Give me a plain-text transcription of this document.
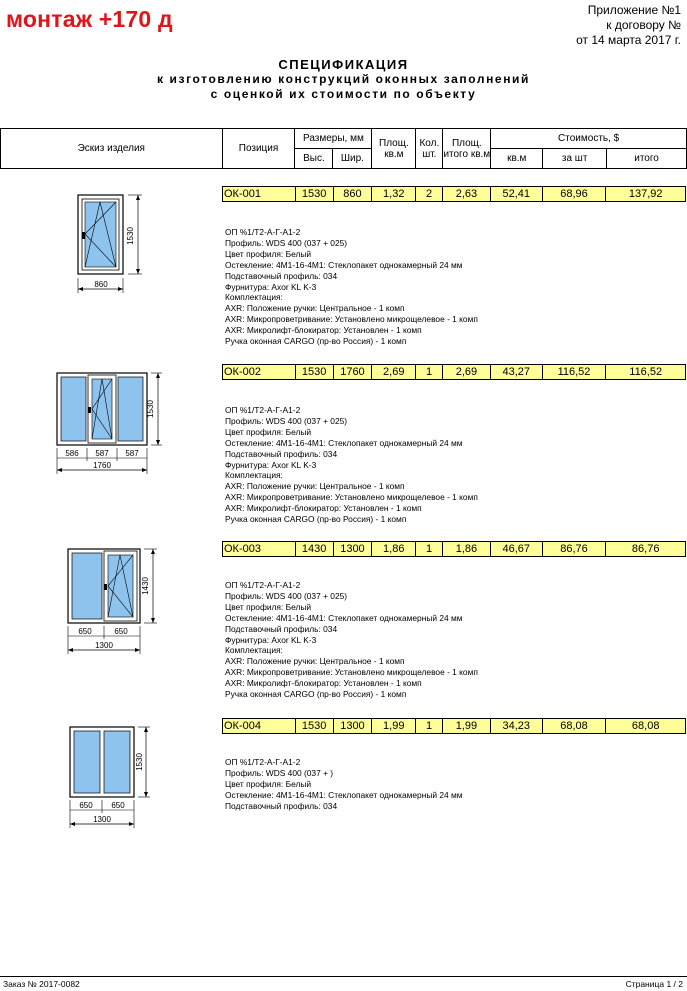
монтаж +170 д	Приложение №1
к договору №
от 14 марта 2017 г.
СПЕЦИФИКАЦИЯ
к изготовлению конструкций оконных заполнений
с оценкой их стоимости по объекту
Эскиз изделия	Позиция	Размеры, мм		Площ. кв.м	Кол. шт.	Площ. итого кв.м	Стоимость, $		
		Выс.	Шир.				кв.м	за шт	итого
ОК-001	1530	860	1,32	2	2,63	52,41	68,96	137,92
1530
860
ОП %1/Т2-А-Г-А1-2
Профиль: WDS 400 (037 + 025)
Цвет профиля: Белый
Остекление: 4М1-16-4М1: Стеклопакет однокамерный 24 мм
Подставочный профиль: 034
Фурнитура: Axor KL K-3
Комплектация:
AXR: Положение ручки: Центральное - 1 комп
AXR: Микропроветривание: Установлено микрощелевое - 1 комп
AXR: Микролифт-блокиратор: Установлен - 1 комп
Ручка оконная CARGO (пр-во Россия) - 1 комп
ОК-002	1530	1760	2,69	1	2,69	43,27	116,52	116,52
1530
586 587 587
1760
ОП %1/Т2-А-Г-А1-2
Профиль: WDS 400 (037 + 025)
Цвет профиля: Белый
Остекление: 4М1-16-4М1: Стеклопакет однокамерный 24 мм
Подставочный профиль: 034
Фурнитура: Axor KL K-3
Комплектация:
AXR: Положение ручки: Центральное - 1 комп
AXR: Микропроветривание: Установлено микрощелевое - 1 комп
AXR: Микролифт-блокиратор: Установлен - 1 комп
Ручка оконная CARGO (пр-во Россия) - 1 комп
ОК-003	1430	1300	1,86	1	1,86	46,67	86,76	86,76
1430
650	650
1300
ОП %1/Т2-А-Г-А1-2
Профиль: WDS 400 (037 + 025)
Цвет профиля: Белый
Остекление: 4М1-16-4М1: Стеклопакет однокамерный 24 мм
Подставочный профиль: 034
Фурнитура: Axor KL K-3
Комплектация:
AXR: Положение ручки: Центральное - 1 комп
AXR: Микропроветривание: Установлено микрощелевое - 1 комп
AXR: Микролифт-блокиратор: Установлен - 1 комп
Ручка оконная CARGO (пр-во Россия) - 1 комп
ОК-004	1530	1300	1,99	1	1,99	34,23	68,08	68,08
1530
650 650
1300
ОП %1/Т2-А-Г-А1-2
Профиль: WDS 400 (037 + )
Цвет профиля: Белый
Остекление: 4М1-16-4М1: Стеклопакет однокамерный 24 мм
Подставочный профиль: 034
Заказ № 2017-0082	Страница 1 / 2
